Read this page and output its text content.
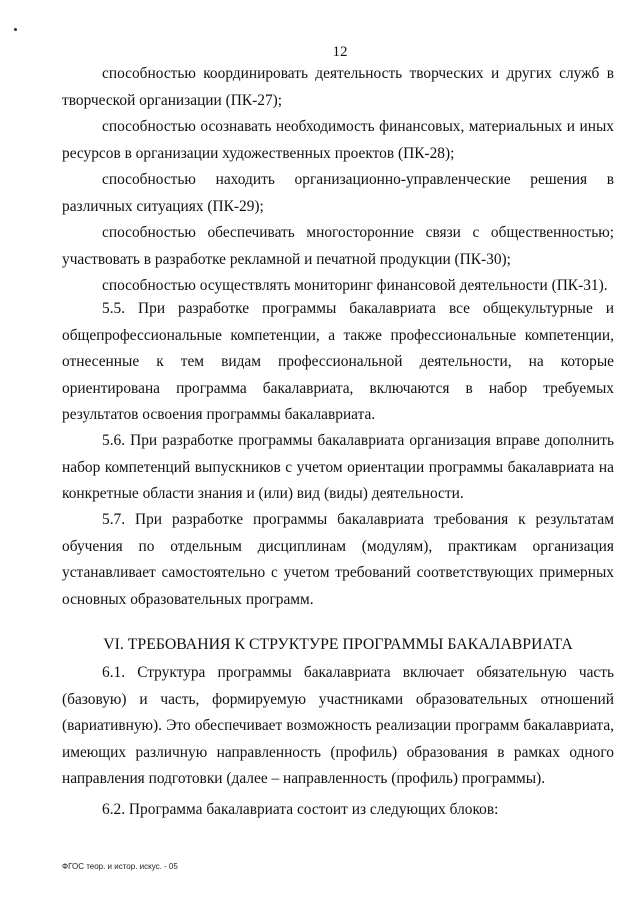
12

способностью координировать деятельность творческих и других служб в творческой организации (ПК-27);

способностью осознавать необходимость финансовых, материальных и иных ресурсов в организации художественных проектов (ПК-28);

способностью находить организационно-управленческие решения в различных ситуациях (ПК-29);

способностью обеспечивать многосторонние связи с общественностью; участвовать в разработке рекламной и печатной продукции (ПК-30);

способностью осуществлять мониторинг финансовой деятельности (ПК-31).

5.5. При разработке программы бакалавриата все общекультурные и общепрофессиональные компетенции, а также профессиональные компетенции, отнесенные к тем видам профессиональной деятельности, на которые ориентирована программа бакалавриата, включаются в набор требуемых результатов освоения программы бакалавриата.

5.6. При разработке программы бакалавриата организация вправе дополнить набор компетенций выпускников с учетом ориентации программы бакалавриата на конкретные области знания и (или) вид (виды) деятельности.

5.7. При разработке программы бакалавриата требования к результатам обучения по отдельным дисциплинам (модулям), практикам организация устанавливает самостоятельно с учетом требований соответствующих примерных основных образовательных программ.

VI. ТРЕБОВАНИЯ К СТРУКТУРЕ ПРОГРАММЫ БАКАЛАВРИАТА

6.1. Структура программы бакалавриата включает обязательную часть (базовую) и часть, формируемую участниками образовательных отношений (вариативную). Это обеспечивает возможность реализации программ бакалавриата, имеющих различную направленность (профиль) образования в рамках одного направления подготовки (далее – направленность (профиль) программы).

6.2. Программа бакалавриата состоит из следующих блоков:

ФГОС теор. и истор. искус. - 05
